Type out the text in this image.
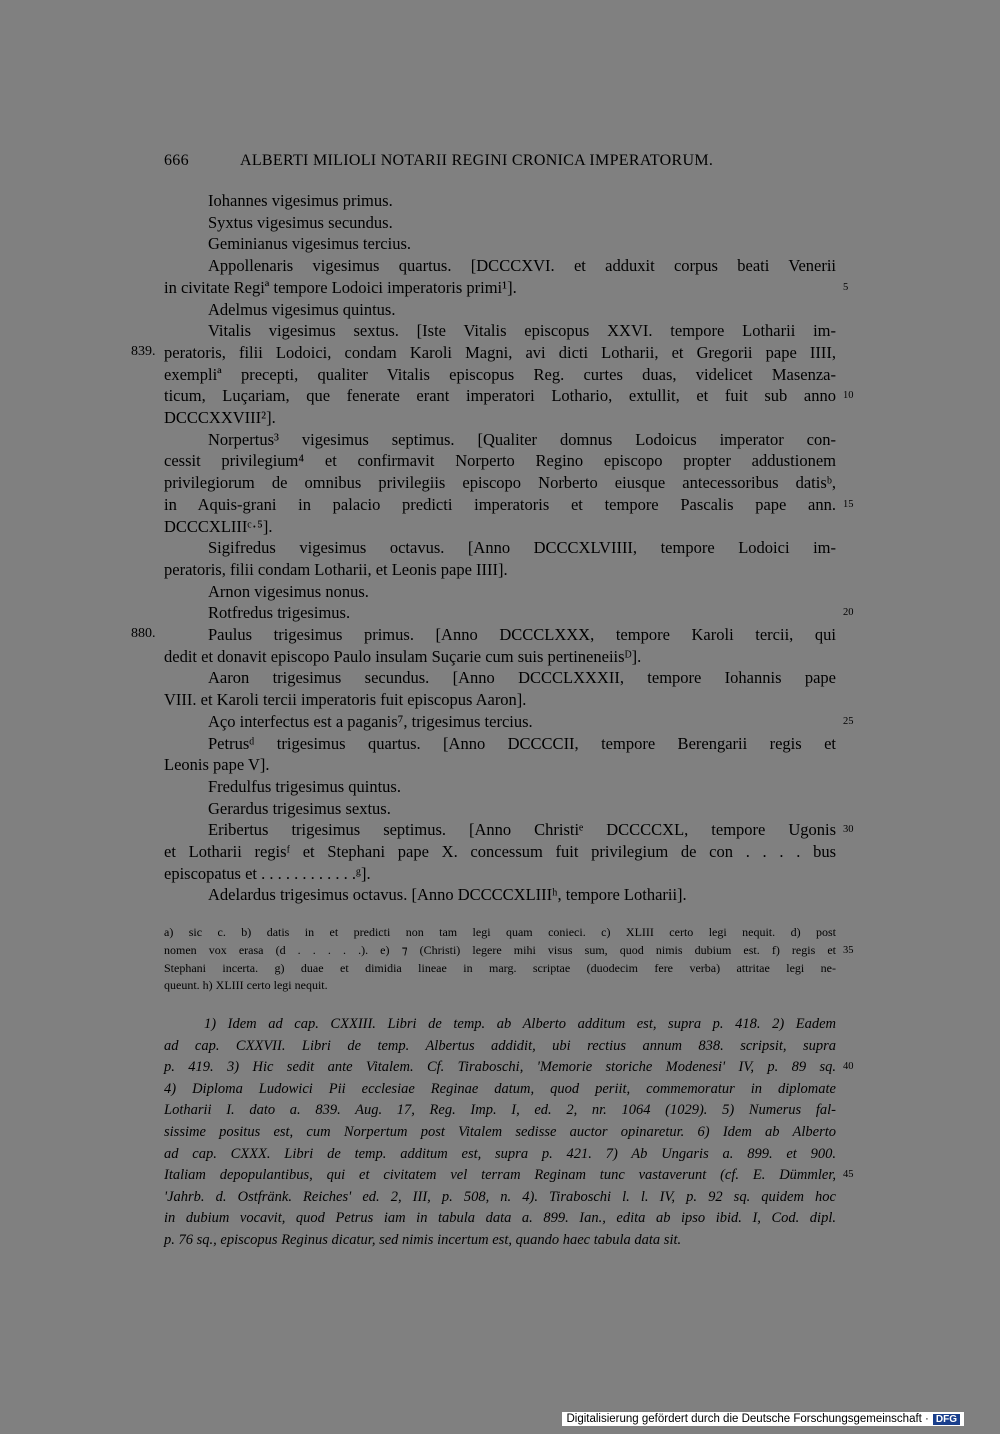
666	ALBERTI MILIOLI NOTARII REGINI CRONICA IMPERATORUM.
Iohannes vigesimus primus.
Syxtus vigesimus secundus.
Geminianus vigesimus tercius.
Appollenaris vigesimus quartus. [DCCCXVI. et adduxit corpus beati Venerii
in civitate Regiª tempore Lodoici imperatoris primi¹].	5
Adelmus vigesimus quintus.
Vitalis vigesimus sextus. [Iste Vitalis episcopus XXVI. tempore Lotharii im-
peratoris, filii Lodoici, condam Karoli Magni, avi dicti Lotharii, et Gregorii pape IIII,
839.
exempliª precepti, qualiter Vitalis episcopus Reg. curtes duas, videlicet Masenza-
ticum, Luçariam, que fenerate erant imperatori Lothario, extullit, et fuit sub anno 10
DCCCXXVIII²].
Norpertus³ vigesimus septimus. [Qualiter domnus Lodoicus imperator con-
cessit privilegium⁴ et confirmavit Norperto Regino episcopo propter addustionem
privilegiorum de omnibus privilegiis episcopo Norberto eiusque antecessoribus datisᵇ,
in Aquis-grani in palacio predicti imperatoris et tempore Pascalis pape ann. 15
DCCCXLIIIᶜ·⁵].
Sigifredus vigesimus octavus. [Anno DCCCXLVIIII, tempore Lodoici im-
peratoris, filii condam Lotharii, et Leonis pape IIII].
Arnon vigesimus nonus.
Rotfredus trigesimus.	20
Paulus trigesimus primus. [Anno DCCCLXXX, tempore Karoli tercii, qui
880.
dedit et donavit episcopo Paulo insulam Suçarie cum suis pertineneiisᴰ].
Aaron trigesimus secundus. [Anno DCCCLXXXII, tempore Iohannis pape
VIII. et Karoli tercii imperatoris fuit episcopus Aaron].
Aço interfectus est a paganis⁷, trigesimus tercius.	25
Petrusᵈ trigesimus quartus. [Anno DCCCCII, tempore Berengarii regis et
Leonis pape V].
Fredulfus trigesimus quintus.
Gerardus trigesimus sextus.
Eribertus trigesimus septimus. [Anno Christiᵉ DCCCCXL, tempore Ugonis 30
et Lotharii regisᶠ et Stephani pape X. concessum fuit privilegium de con . . . . bus
episcopatus et . . . . . . . . . . . .ᵍ].
Adelardus trigesimus octavus. [Anno DCCCCXLIIIʰ, tempore Lotharii].
a) sic c. b) datis in et predicti non tam legi quam conieci. c) XLIII certo legi nequit. d) post
nomen vox erasa (d . . . . .). e) ⁊ (Christi) legere mihi visus sum, quod nimis dubium est. f) regis et 35
Stephani incerta. g) duae et dimidia lineae in marg. scriptae (duodecim fere verba) attritae legi ne-
queunt. h) XLIII certo legi nequit.
1) Idem ad cap. CXXIII. Libri de temp. ab Alberto additum est, supra p. 418. 2) Eadem
ad cap. CXXVII. Libri de temp. Albertus addidit, ubi rectius annum 838. scripsit, supra
p. 419. 3) Hic sedit ante Vitalem. Cf. Tiraboschi, 'Memorie storiche Modenesi' IV, p. 89 sq. 40
4) Diploma Ludowici Pii ecclesiae Reginae datum, quod periit, commemoratur in diplomate
Lotharii I. dato a. 839. Aug. 17, Reg. Imp. I, ed. 2, nr. 1064 (1029). 5) Numerus fal-
sissime positus est, cum Norpertum post Vitalem sedisse auctor opinaretur. 6) Idem ab Alberto
ad cap. CXXX. Libri de temp. additum est, supra p. 421. 7) Ab Ungaris a. 899. et 900.
Italiam depopulantibus, qui et civitatem vel terram Reginam tunc vastaverunt (cf. E. Dümmler, 45
'Jahrb. d. Ostfränk. Reiches' ed. 2, III, p. 508, n. 4). Tiraboschi l. l. IV, p. 92 sq. quidem hoc
in dubium vocavit, quod Petrus iam in tabula data a. 899. Ian., edita ab ipso ibid. I, Cod. dipl.
p. 76 sq., episcopus Reginus dicatur, sed nimis incertum est, quando haec tabula data sit.
Digitalisierung gefördert durch die Deutsche Forschungsgemeinschaft · DFG
